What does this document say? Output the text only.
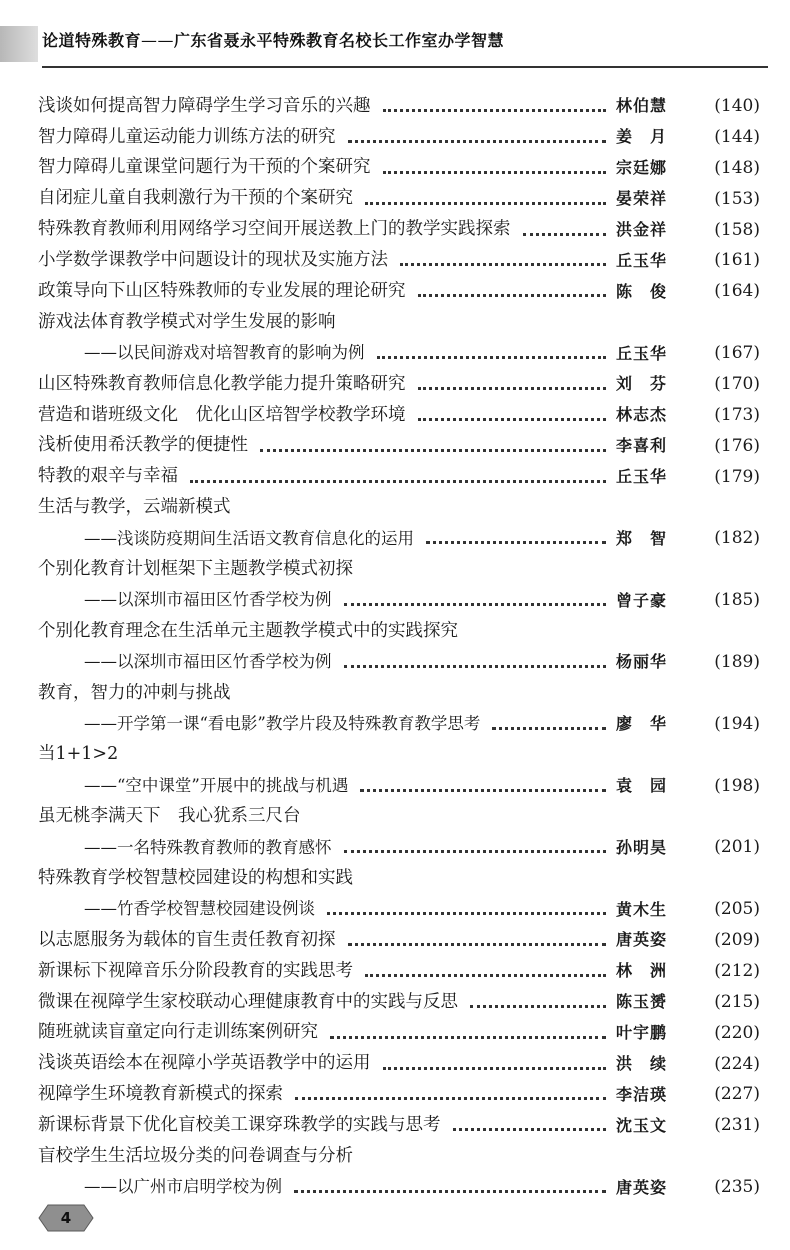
论道特殊教育——广东省聂永平特殊教育名校长工作室办学智慧
浅谈如何提高智力障碍学生学习音乐的兴趣	林伯慧	(140)
智力障碍儿童运动能力训练方法的研究	姜　月	(144)
智力障碍儿童课堂问题行为干预的个案研究	宗廷娜	(148)
自闭症儿童自我刺激行为干预的个案研究	晏荣祥	(153)
特殊教育教师利用网络学习空间开展送教上门的教学实践探索	洪金祥	(158)
小学数学课教学中问题设计的现状及实施方法	丘玉华	(161)
政策导向下山区特殊教师的专业发展的理论研究	陈　俊	(164)
游戏法体育教学模式对学生发展的影响
——以民间游戏对培智教育的影响为例	丘玉华	(167)
山区特殊教育教师信息化教学能力提升策略研究	刘　芬	(170)
营造和谐班级文化　优化山区培智学校教学环境	林志杰	(173)
浅析使用希沃教学的便捷性	李喜利	(176)
特教的艰辛与幸福	丘玉华	(179)
生活与教学，云端新模式
——浅谈防疫期间生活语文教育信息化的运用	郑　智	(182)
个别化教育计划框架下主题教学模式初探
——以深圳市福田区竹香学校为例	曾子豪	(185)
个别化教育理念在生活单元主题教学模式中的实践探究
——以深圳市福田区竹香学校为例	杨丽华	(189)
教育，智力的冲刺与挑战
——开学第一课“看电影”教学片段及特殊教育教学思考	廖　华	(194)
当1+1>2
——“空中课堂”开展中的挑战与机遇	袁　园	(198)
虽无桃李满天下　我心犹系三尺台
——一名特殊教育教师的教育感怀	孙明昊	(201)
特殊教育学校智慧校园建设的构想和实践
——竹香学校智慧校园建设例谈	黄木生	(205)
以志愿服务为载体的盲生责任教育初探	唐英姿	(209)
新课标下视障音乐分阶段教育的实践思考	林　洲	(212)
微课在视障学生家校联动心理健康教育中的实践与反思	陈玉赟	(215)
随班就读盲童定向行走训练案例研究	叶宇鹏	(220)
浅谈英语绘本在视障小学英语教学中的运用	洪　续	(224)
视障学生环境教育新模式的探索	李洁瑛	(227)
新课标背景下优化盲校美工课穿珠教学的实践与思考	沈玉文	(231)
盲校学生生活垃圾分类的问卷调查与分析
——以广州市启明学校为例	唐英姿	(235)
4
